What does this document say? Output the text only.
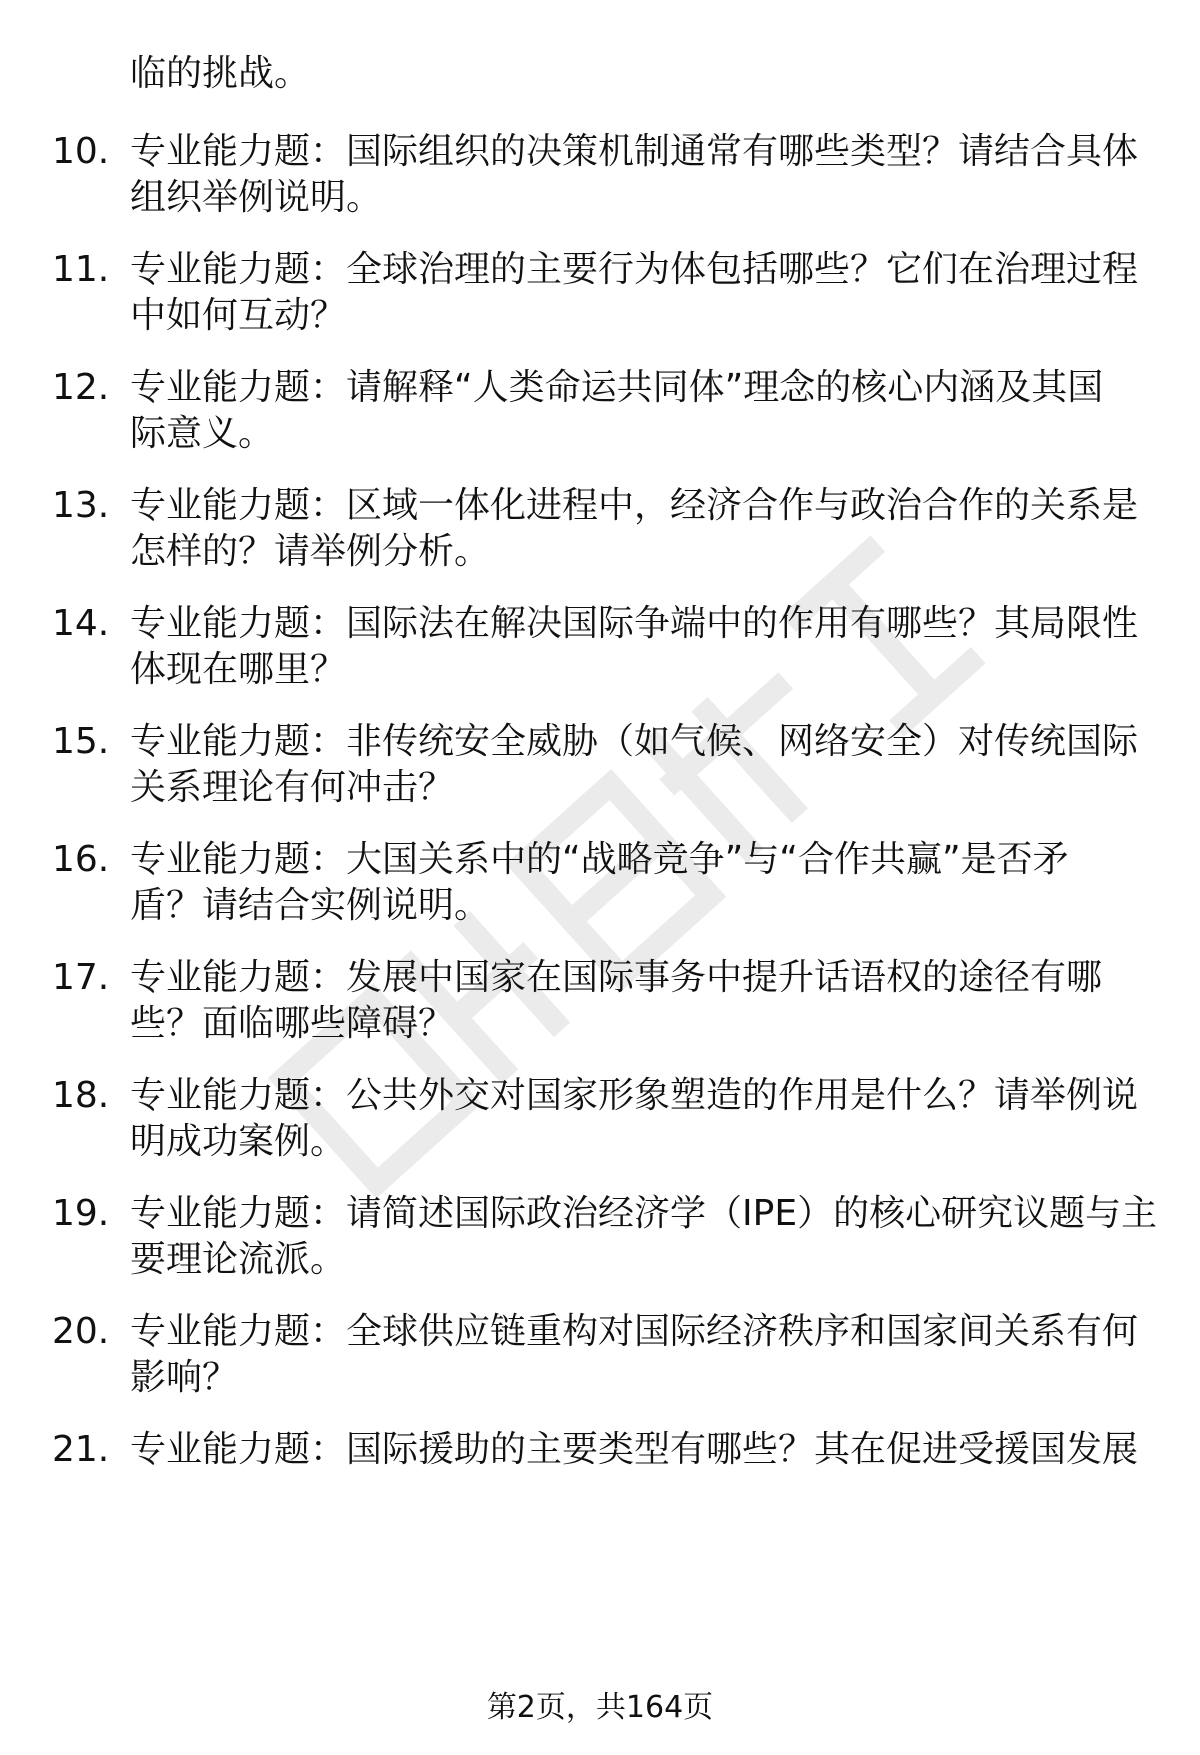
临的挑战。
10. 专业能力题：国际组织的决策机制通常有哪些类型？请结合具体
组织举例说明。
11. 专业能力题：全球治理的主要行为体包括哪些？它们在治理过程
中如何互动？
12. 专业能力题：请解释“人类命运共同体”理念的核心内涵及其国
际意义。
13. 专业能力题：区域一体化进程中，经济合作与政治合作的关系是
怎样的？请举例分析。
14. 专业能力题：国际法在解决国际争端中的作用有哪些？其局限性
体现在哪里？
15. 专业能力题：非传统安全威胁（如气候、网络安全）对传统国际
关系理论有何冲击？
16. 专业能力题：大国关系中的“战略竞争”与“合作共赢”是否矛
盾？请结合实例说明。
17. 专业能力题：发展中国家在国际事务中提升话语权的途径有哪
些？面临哪些障碍？
18. 专业能力题：公共外交对国家形象塑造的作用是什么？请举例说
明成功案例。
19. 专业能力题：请简述国际政治经济学（IPE）的核心研究议题与主
要理论流派。
20. 专业能力题：全球供应链重构对国际经济秩序和国家间关系有何
影响？
21. 专业能力题：国际援助的主要类型有哪些？其在促进受援国发展
第2页，共164页
